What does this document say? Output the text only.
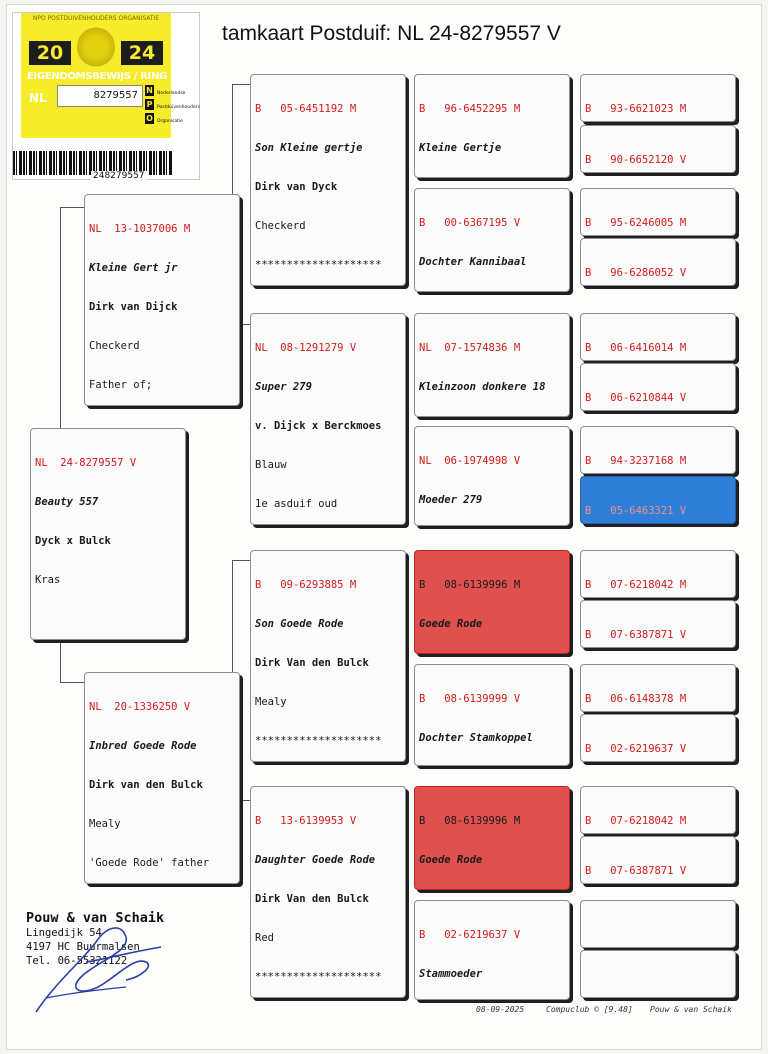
tamkaart Postduif: NL 24-8279557 V
NPO POSTDUIVENHOUDERS ORGANISATIE
20	24
EIGENDOMSBEWIJS / RING
NL	8279557	N
P
O
Nederlandse
Postduivenhouders
Organisatie
248279557

NL  24-8279557 V

Beauty 557

Dyck x Bulck

Kras

NL  13-1037006 M

Kleine Gert jr

Dirk van Dijck

Checkerd

Father of;

NL  20-1336250 V

Inbred Goede Rode

Dirk van den Bulck

Mealy

'Goede Rode' father

B   05-6451192 M

Son Kleine gertje

Dirk van Dyck

Checkerd

********************

NL  08-1291279 V

Super 279

v. Dijck x Berckmoes

Blauw

1e asduif oud

B   09-6293885 M

Son Goede Rode

Dirk Van den Bulck

Mealy

********************

B   13-6139953 V

Daughter Goede Rode

Dirk Van den Bulck

Red

********************

B   96-6452295 M

Kleine Gertje

B   00-6367195 V

Dochter Kannibaal

NL  07-1574836 M

Kleinzoon donkere 18

NL  06-1974998 V

Moeder 279

B   08-6139996 M

Goede Rode

B   08-6139999 V

Dochter Stamkoppel

B   08-6139996 M

Goede Rode

B   02-6219637 V

Stammoeder

B   93-6621023 M

B   90-6652120 V

B   95-6246005 M

B   96-6286052 V

B   06-6416014 M

B   06-6210844 V

B   94-3237168 M

B   05-6463321 V

B   07-6218042 M

B   07-6387871 V

B   06-6148378 M

B   02-6219637 V

B   07-6218042 M

B   07-6387871 V

Pouw & van Schaik
Lingedijk 54
4197 HC Buurmalsen
Tel. 06-55321122
08-09-2025	Compuclub © [9.48] Pouw & van Schaik
